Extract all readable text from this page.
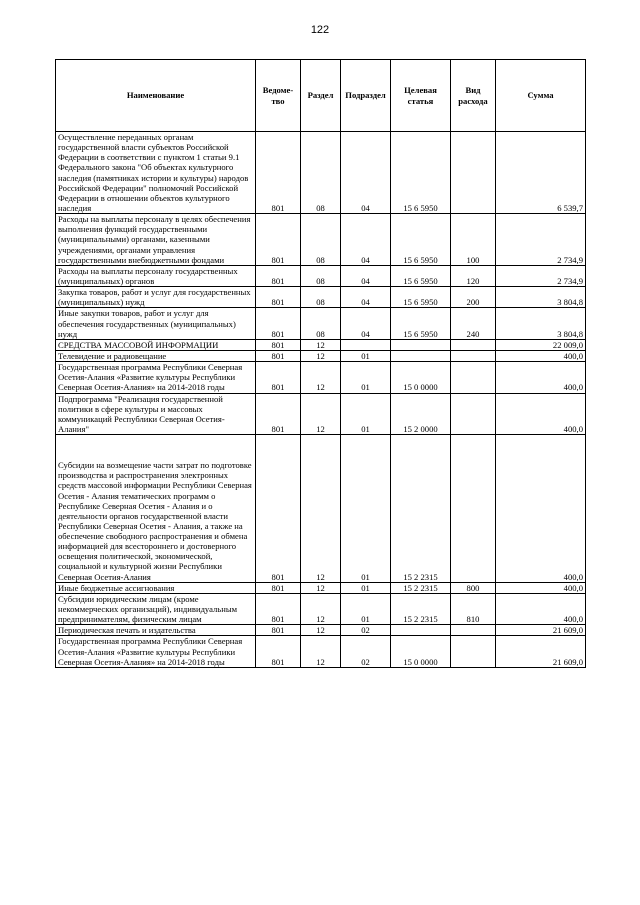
122
Наименование	Ведоме-тво	Раздел	Подраздел	Целевая статья	Вид расхода	Сумма
Осуществление переданных органам государственной власти субъектов Российской Федерации в соответствии с пунктом 1 статьи 9.1 Федерального закона "Об объектах культурного наследия (памятниках истории и культуры) народов Российской Федерации" полномочий Российской Федерации в отношении объектов культурного наследия	801	08	04	15 6 5950		6 539,7
Расходы на выплаты персоналу в целях обеспечения выполнения функций государственными (муниципальными) органами, казенными учреждениями, органами управления государственными внебюджетными фондами	801	08	04	15 6 5950	100	2 734,9
Расходы на выплаты персоналу государственных (муниципальных) органов	801	08	04	15 6 5950	120	2 734,9
Закупка товаров, работ и услуг для государственных (муниципальных) нужд	801	08	04	15 6 5950	200	3 804,8
Иные закупки товаров, работ и услуг для обеспечения государственных (муниципальных) нужд	801	08	04	15 6 5950	240	3 804,8
СРЕДСТВА МАССОВОЙ ИНФОРМАЦИИ	801	12				22 009,0
Телевидение и радиовещание	801	12	01			400,0
Государственная программа Республики Северная Осетия-Алания «Развитие культуры Республики Северная Осетия-Алания» на 2014-2018 годы	801	12	01	15 0 0000		400,0
Подпрограмма "Реализация государственной политики в сфере культуры и массовых коммуникаций Республики Северная Осетия-Алания"	801	12	01	15 2 0000		400,0

Субсидии на возмещение части затрат по подготовке производства и распространения электронных средств массовой информации Республики Северная Осетия - Алания тематических программ о Республике Северная Осетия - Алания и о деятельности органов государственной власти Республики Северная Осетия - Алания, а также на обеспечение свободного распространения и обмена информацией для всестороннего и достоверного освещения политической, экономической, социальной и культурной жизни Республики Северная Осетия-Алания	801	12	01	15 2 2315		400,0
Иные бюджетные ассигнования	801	12	01	15 2 2315	800	400,0
Субсидии юридическим лицам (кроме некоммерческих организаций), индивидуальным предпринимателям, физическим лицам	801	12	01	15 2 2315	810	400,0
Периодическая печать и издательства	801	12	02			21 609,0
Государственная программа Республики Северная Осетия-Алания «Развитие культуры Республики Северная Осетия-Алания» на 2014-2018 годы	801	12	02	15 0 0000		21 609,0
